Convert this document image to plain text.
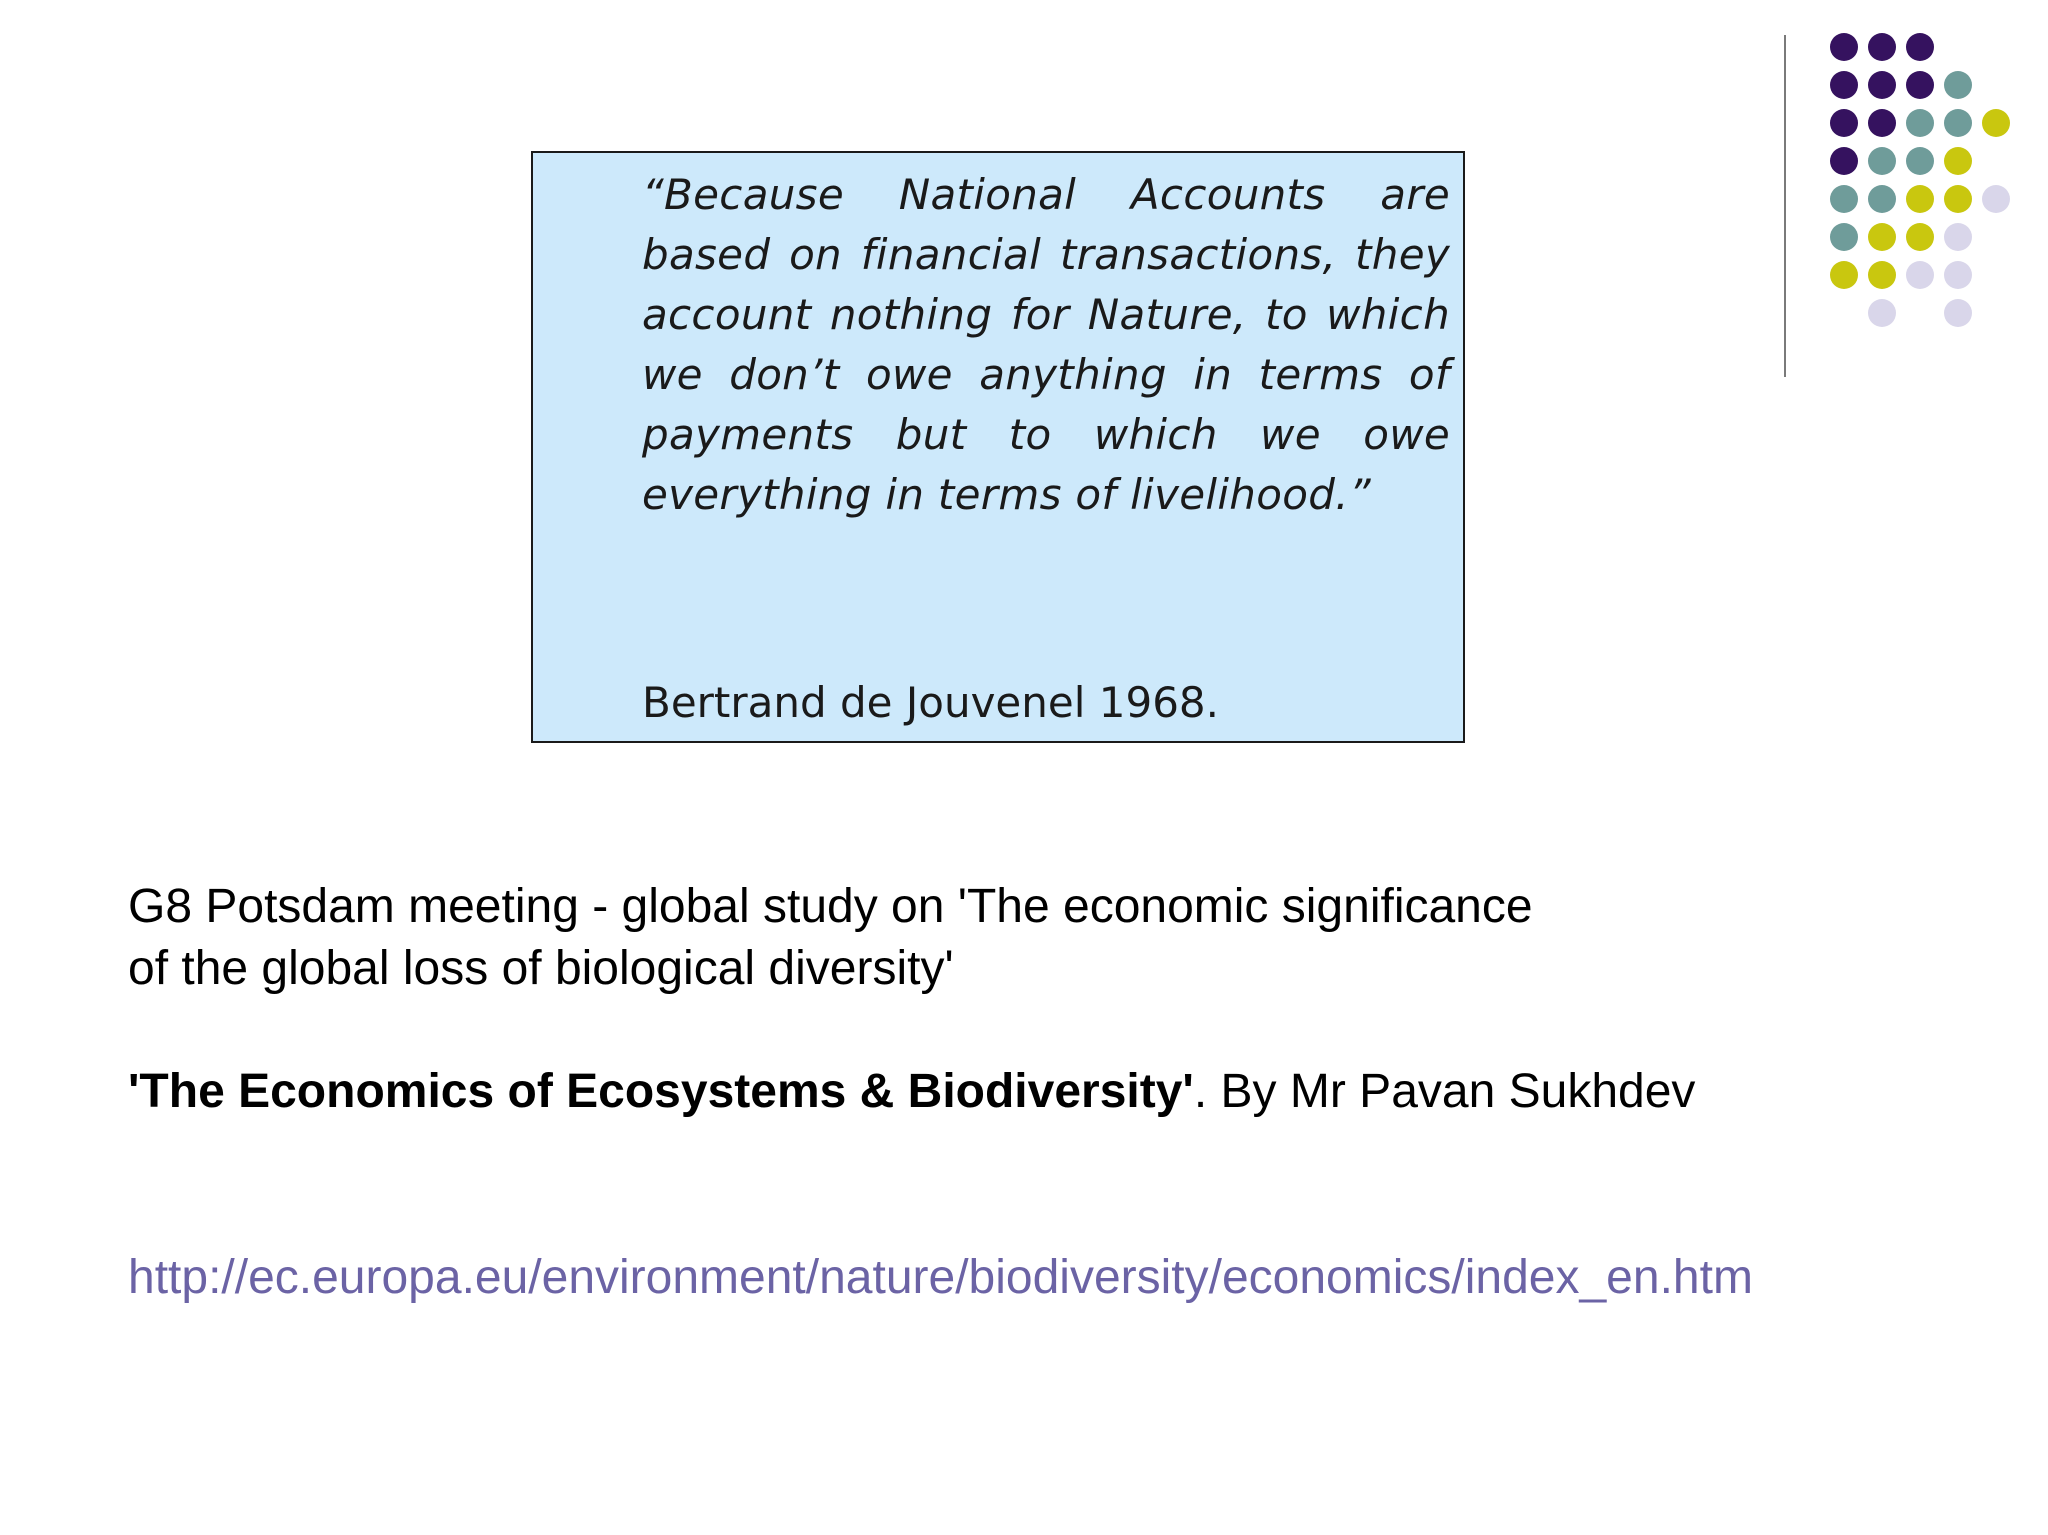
“Because National Accounts are based on financial transactions, they account nothing for Nature, to which we don’t owe anything in terms of payments but to which we owe everything in terms of livelihood.”
Bertrand de Jouvenel 1968.
G8 Potsdam meeting - global study on 'The economic significance
of the global loss of biological diversity'
'The Economics of Ecosystems & Biodiversity'. By Mr Pavan Sukhdev
http://ec.europa.eu/environment/nature/biodiversity/economics/index_en.htm
